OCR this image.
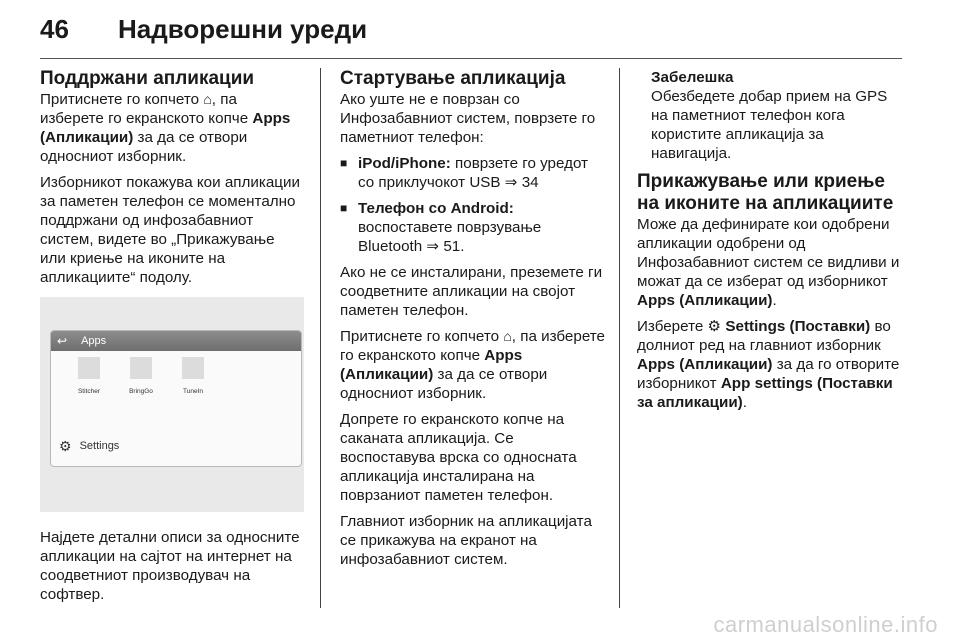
46	Надворешни уреди
Поддржани апликации

Притиснете го копчето ⌂, па изберете го екранското копче Apps (Апликации) за да се отвори односниот изборник.

Изборникот покажува кои апликации за паметен телефон се моментално поддржани од инфозабавниот систем, видете во „Прикажување или криење на иконите на апликациите“ подолу.

↩ Apps
Stitcher	BringGo	TuneIn
⚙ Settings

Најдете детални описи за односните апликации на сајтот на интернет на соодветниот производувач на софтвер.

Стартување апликација

Ако уште не е поврзан со Инфозабавниот систем, поврзете го паметниот телефон:

■ iPod/iPhone: поврзете го уредот со приклучокот USB ⇒ 34
■ Телефон со Android: воспоставете поврзување Bluetooth ⇒ 51.

Ако не се инсталирани, преземете ги соодветните апликации на својот паметен телефон.

Притиснете го копчето ⌂, па изберете го екранското копче Apps (Апликации) за да се отвори односниот изборник.

Допрете го екранското копче на саканата апликација. Се воспоставува врска со односната апликација инсталирана на поврзаниот паметен телефон.

Главниот изборник на апликацијата се прикажува на екранот на инфозабавниот систем.

Забелешка
Обезбедете добар прием на GPS на паметниот телефон кога користите апликација за навигација.
Прикажување или криење на иконите на апликациите

Може да дефинирате кои одобрени апликации одобрени од Инфозабавниот систем се видливи и можат да се изберат од изборникот Apps (Апликации).

Изберете ⚙ Settings (Поставки) во долниот ред на главниот изборник Apps (Апликации) за да го отворите изборникот App settings (Поставки за апликации).

carmanualsonline.info
